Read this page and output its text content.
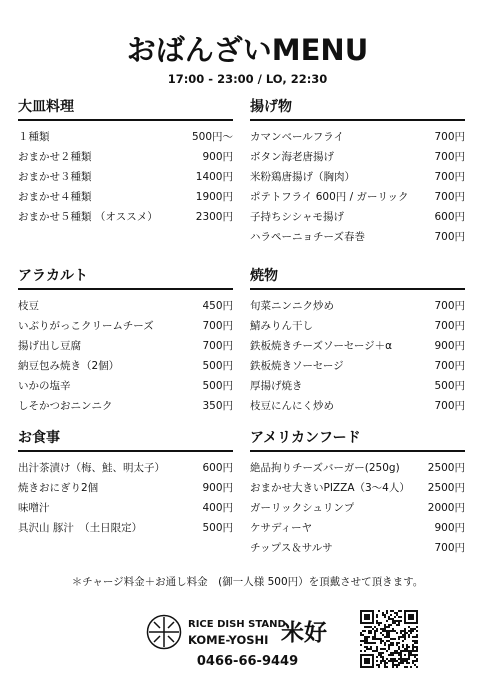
おばんざいMENU
17:00 - 23:00 / LO, 22:30
大皿料理
１種類	500円〜
おまかせ２種類	900円
おまかせ３種類	1400円
おまかせ４種類	1900円
おまかせ５種類 （オススメ）	2300円
揚げ物
カマンベールフライ	700円
ボタン海老唐揚げ	700円
米粉鶏唐揚げ（胸肉）	700円
ポテトフライ 600円 / ガーリック	700円
子持ちシシャモ揚げ	600円
ハラペーニョチーズ春巻	700円
アラカルト
枝豆	450円
いぶりがっこクリームチーズ	700円
揚げ出し豆腐	700円
納豆包み焼き（2個）	500円
いかの塩辛	500円
しそかつおニンニク	350円
焼物
旬菜ニンニク炒め	700円
鯖みりん干し	700円
鉄板焼きチーズソーセージ＋α	900円
鉄板焼きソーセージ	700円
厚揚げ焼き	500円
枝豆にんにく炒め	700円
お食事
出汁茶漬け（梅、鮭、明太子）	600円
焼きおにぎり2個	900円
味噌汁	400円
具沢山 豚汁　（土日限定）	500円
アメリカンフード
絶品拘りチーズバーガー(250g)	2500円
おまかせ大きいPIZZA（3〜4人）	2500円
ガーリックシュリンプ	2000円
ケサディーヤ	900円
チップス＆サルサ	700円
＊チャージ料金＋お通し料金　(御一人様 500円）を頂戴させて頂きます。
RICE DISH STAND
KOME-YOSHI 米好
0466-66-9449
